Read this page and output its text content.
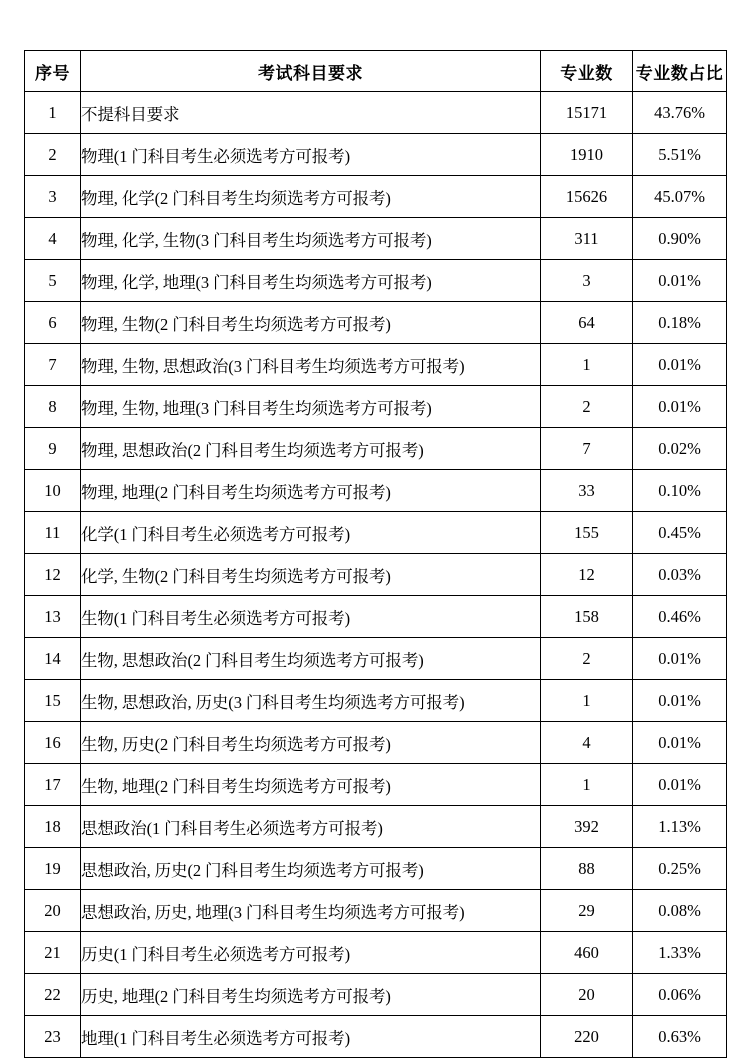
序号	考试科目要求	专业数	专业数占比
1	不提科目要求	15171	43.76%
2	物理(1 门科目考生必须选考方可报考)	1910	5.51%
3	物理, 化学(2 门科目考生均须选考方可报考)	15626	45.07%
4	物理, 化学, 生物(3 门科目考生均须选考方可报考)	311	0.90%
5	物理, 化学, 地理(3 门科目考生均须选考方可报考)	3	0.01%
6	物理, 生物(2 门科目考生均须选考方可报考)	64	0.18%
7	物理, 生物, 思想政治(3 门科目考生均须选考方可报考)	1	0.01%
8	物理, 生物, 地理(3 门科目考生均须选考方可报考)	2	0.01%
9	物理, 思想政治(2 门科目考生均须选考方可报考)	7	0.02%
10	物理, 地理(2 门科目考生均须选考方可报考)	33	0.10%
11	化学(1 门科目考生必须选考方可报考)	155	0.45%
12	化学, 生物(2 门科目考生均须选考方可报考)	12	0.03%
13	生物(1 门科目考生必须选考方可报考)	158	0.46%
14	生物, 思想政治(2 门科目考生均须选考方可报考)	2	0.01%
15	生物, 思想政治, 历史(3 门科目考生均须选考方可报考)	1	0.01%
16	生物, 历史(2 门科目考生均须选考方可报考)	4	0.01%
17	生物, 地理(2 门科目考生均须选考方可报考)	1	0.01%
18	思想政治(1 门科目考生必须选考方可报考)	392	1.13%
19	思想政治, 历史(2 门科目考生均须选考方可报考)	88	0.25%
20	思想政治, 历史, 地理(3 门科目考生均须选考方可报考)	29	0.08%
21	历史(1 门科目考生必须选考方可报考)	460	1.33%
22	历史, 地理(2 门科目考生均须选考方可报考)	20	0.06%
23	地理(1 门科目考生必须选考方可报考)	220	0.63%
